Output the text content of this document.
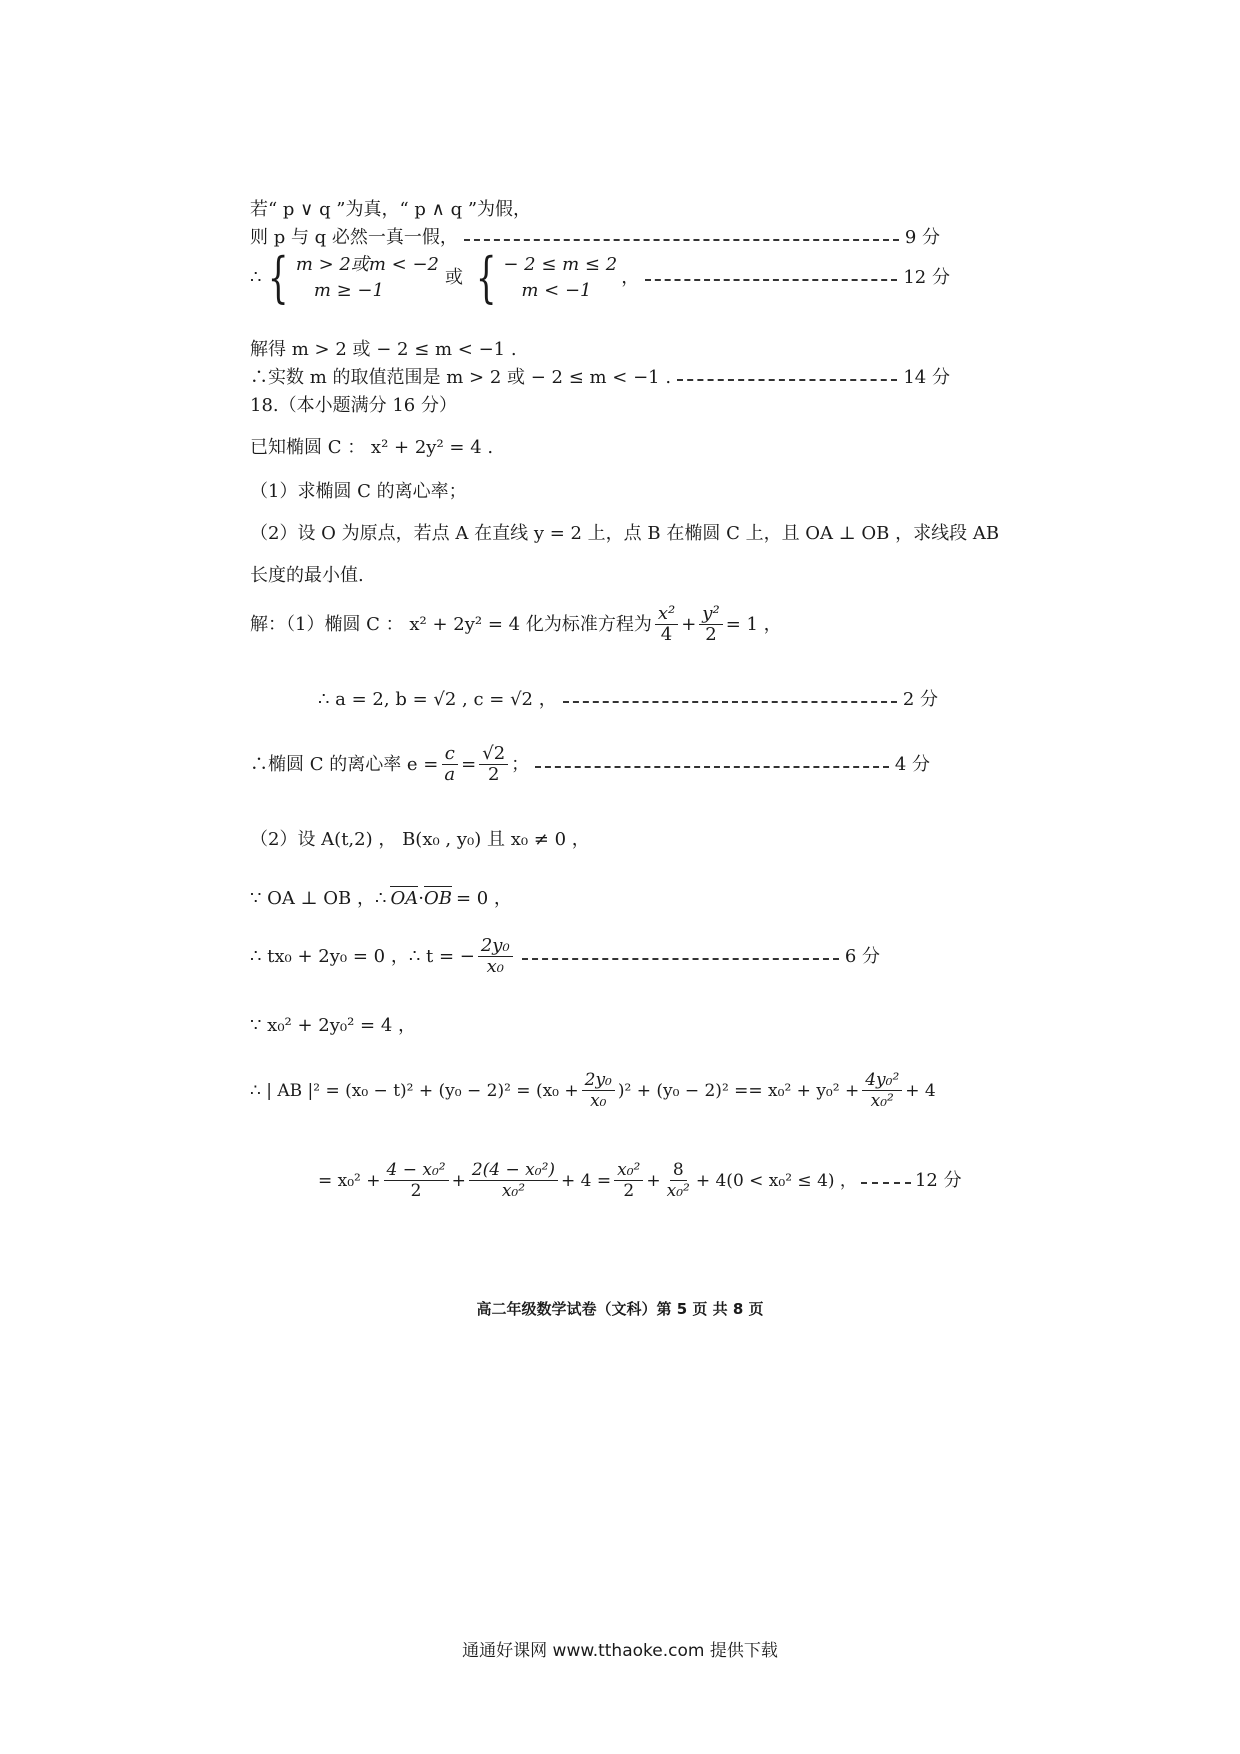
若“ p ∨ q ”为真，“ p ∧ q ”为假，
则 p 与 q 必然一真一假，	9 分
∴ { m > 2或m < −2
m ≥ −1
或 { − 2 ≤ m ≤ 2
m < −1
，	12 分
解得 m > 2 或 − 2 ≤ m < −1 .
∴实数 m 的取值范围是 m > 2 或 − 2 ≤ m < −1 .	14 分
18.（本小题满分 16 分）
已知椭圆 C ： x² + 2y² = 4 .
（1）求椭圆 C 的离心率；
（2）设 O 为原点，若点 A 在直线 y = 2 上，点 B 在椭圆 C 上，且 OA ⊥ OB ，求线段 AB
长度的最小值.
解：（1）椭圆 C ： x² + 2y² = 4 化为标准方程为 $\frac{\text{x²}}{4} + \frac{\text{y²}}{2} = 1$ ，
∴ a = 2, b = √2 , c = √2 ，	2 分
∴椭圆 C 的离心率 $e = \frac{c}{a} = \frac{√2}{2}$ ；	4 分
（2）设 A(t,2) ， B(x₀ , y₀) 且 x₀ ≠ 0 ，
∵ OA ⊥ OB ，∴ OA · OB = 0 ，
∴ tx₀ + 2y₀ = 0 ，∴ t = − $\frac{\text{2y₀}}{\text{x₀}}$	6 分
∵ x₀² + 2y₀² = 4 ，
∴ | AB $|^2 = (x_0 - t)^2 + (y_0 - 2)^2 = (x_0 + \frac{\text{2y₀}}{\text{x₀}} )^2 + (y_0 - 2)^2 == x_0^2 + y_0^2 + \frac{\text{4y₀²}}{\text{x₀²}} + 4$
= $x_0^2 + \frac{\text{4 − x₀²}}{2} + \frac{\text{2(4 − x₀²)}}{\text{x₀²}} + 4 = \frac{\text{x₀²}}{2} + \frac{8}{\text{x₀²}} + 4(0 < x_0^2 \le 4)$ ，	12 分
高二年级数学试卷（文科）第 5 页 共 8 页
通通好课网 www.tthaoke.com 提供下载
